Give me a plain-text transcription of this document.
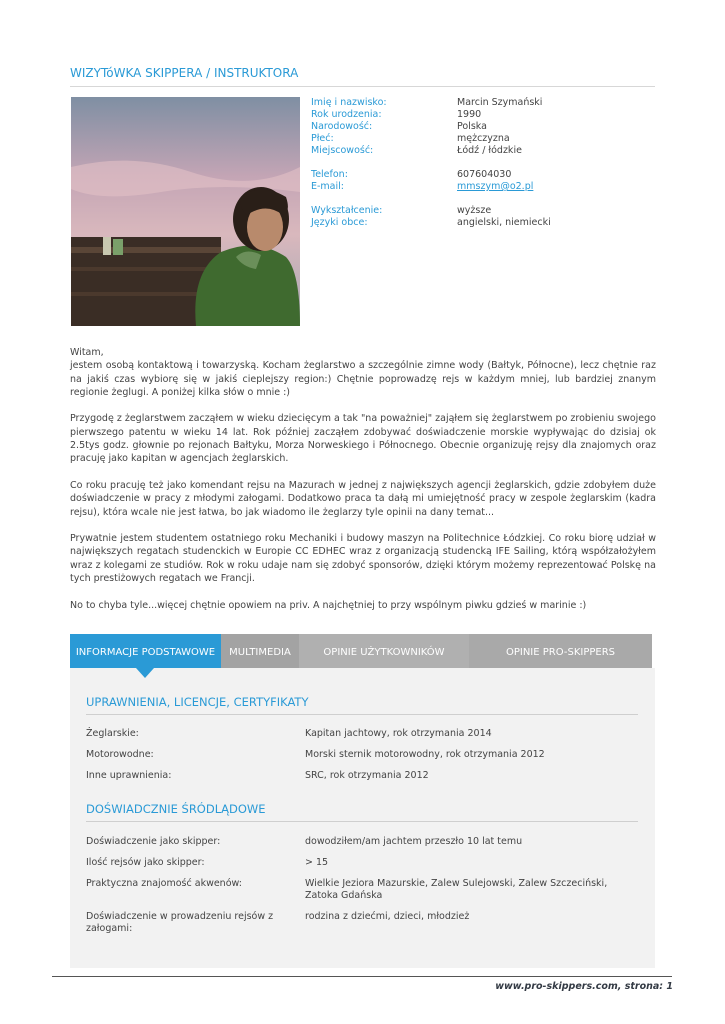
WIZYTóWKA SKIPPERA / INSTRUKTORA
Imię i nazwisko:	Marcin Szymański
Rok urodzenia:	1990
Narodowość:	Polska
Płeć:	mężczyzna
Miejscowość:	Łódź / łódzkie
Telefon:	607604030
E-mail:	mmszym@o2.pl
Wykształcenie:	wyższe
Języki obce:	angielski, niemiecki

Witam,
jestem osobą kontaktową i towarzyską. Kocham żeglarstwo a szczególnie zimne wody (Bałtyk, Północne), lecz chętnie raz na jakiś czas wybiorę się w jakiś cieplejszy region:) Chętnie poprowadzę rejs w każdym mniej, lub bardziej znanym regionie żeglugi. A poniżej kilka słów o mnie :)

Przygodę z żeglarstwem zacząłem w wieku dziecięcym a tak "na poważniej" zająłem się żeglarstwem po zrobieniu swojego pierwszego patentu w wieku 14 lat. Rok później zacząłem zdobywać doświadczenie morskie wypływając do dzisiaj ok 2.5tys godz. głownie po rejonach Bałtyku, Morza Norweskiego i Północnego. Obecnie organizuję rejsy dla znajomych oraz pracuję jako kapitan w agencjach żeglarskich.

Co roku pracuję też jako komendant rejsu na Mazurach w jednej z największych agencji żeglarskich, gdzie zdobyłem duże doświadczenie w pracy z młodymi załogami. Dodatkowo praca ta dałą mi umiejętność pracy w zespole żeglarskim (kadra rejsu), która wcale nie jest łatwa, bo jak wiadomo ile żeglarzy tyle opinii na dany temat...

Prywatnie jestem studentem ostatniego roku Mechaniki i budowy maszyn na Politechnice Łódzkiej. Co roku biorę udział w największych regatach studenckich w Europie CC EDHEC wraz z organizacją studencką IFE Sailing, którą współzałożyłem wraz z kolegami ze studiów. Rok w roku udaje nam się zdobyć sponsorów, dzięki którym możemy reprezentować Polskę na tych prestiżowych regatach we Francji.

No to chyba tyle...więcej chętnie opowiem na priv. A najchętniej to przy wspólnym piwku gdzieś w marinie :)

INFORMACJE PODSTAWOWE	MULTIMEDIA	OPINIE UŻYTKOWNIKÓW	OPINIE PRO-SKIPPERS
UPRAWNIENIA, LICENCJE, CERTYFIKATY
Żeglarskie:	Kapitan jachtowy, rok otrzymania 2014
Motorowodne:	Morski sternik motorowodny, rok otrzymania 2012
Inne uprawnienia:	SRC, rok otrzymania 2012
DOŚWIADCZNIE ŚRÓDLĄDOWE
Doświadczenie jako skipper:	dowodziłem/am jachtem przeszło 10 lat temu
Ilość rejsów jako skipper:	> 15
Praktyczna znajomość akwenów:	Wielkie Jeziora Mazurskie, Zalew Sulejowski, Zalew Szczeciński, Zatoka Gdańska
Doświadczenie w prowadzeniu rejsów z załogami:
rodzina z dziećmi, dzieci, młodzież
www.pro-skippers.com, strona: 1
